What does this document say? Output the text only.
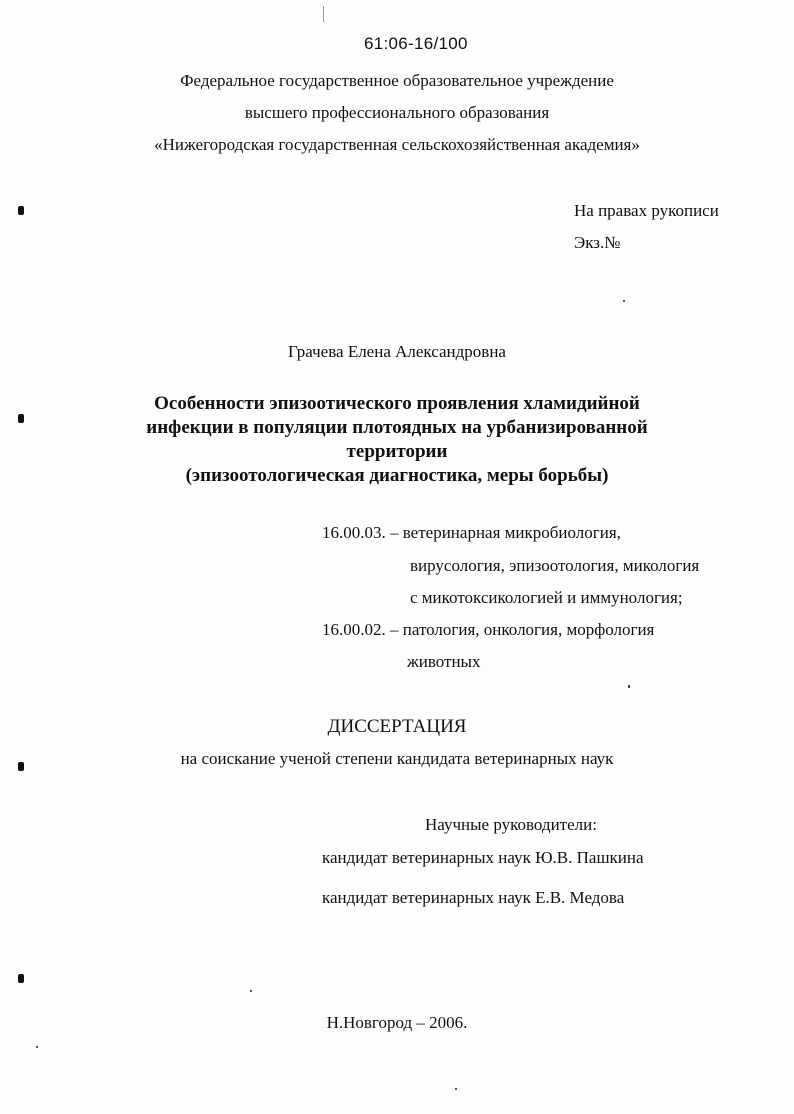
61:06-16/100
Федеральное государственное образовательное учреждение
высшего профессионального образования
«Нижегородская государственная сельскохозяйственная академия»
На правах рукописи
Экз.№
Грачева Елена Александровна
Особенности эпизоотического проявления хламидийной
инфекции в популяции плотоядных на урбанизированной
территории
(эпизоотологическая диагностика, меры борьбы)
16.00.03. – ветеринарная микробиология,
вирусология, эпизоотология, микология
с микотоксикологией и иммунология;
16.00.02. – патология, онкология, морфология
животных
ДИССЕРТАЦИЯ
на соискание ученой степени кандидата ветеринарных наук
Научные руководители:
кандидат ветеринарных наук Ю.В. Пашкина
кандидат ветеринарных наук Е.В. Медова
Н.Новгород – 2006.
